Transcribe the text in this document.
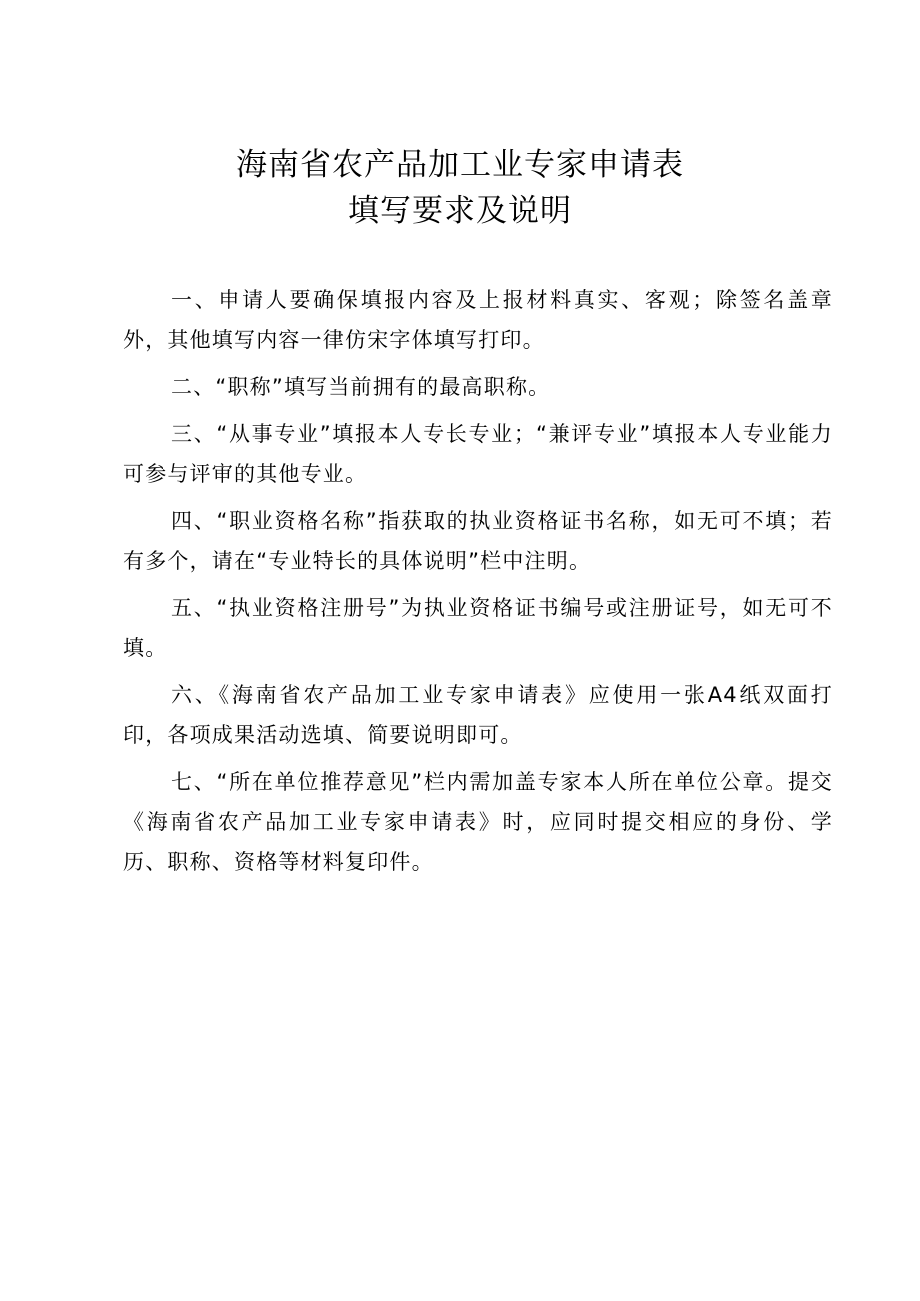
海南省农产品加工业专家申请表
填写要求及说明

一、申请人要确保填报内容及上报材料真实、客观；除签名盖章外，其他填写内容一律仿宋字体填写打印。

二、“职称”填写当前拥有的最高职称。

三、“从事专业”填报本人专长专业；“兼评专业”填报本人专业能力可参与评审的其他专业。

四、“职业资格名称”指获取的执业资格证书名称，如无可不填；若有多个，请在“专业特长的具体说明”栏中注明。

五、“执业资格注册号”为执业资格证书编号或注册证号，如无可不填。

六、《海南省农产品加工业专家申请表》应使用一张A4纸双面打印，各项成果活动选填、简要说明即可。

七、“所在单位推荐意见”栏内需加盖专家本人所在单位公章。提交《海南省农产品加工业专家申请表》时，应同时提交相应的身份、学历、职称、资格等材料复印件。
